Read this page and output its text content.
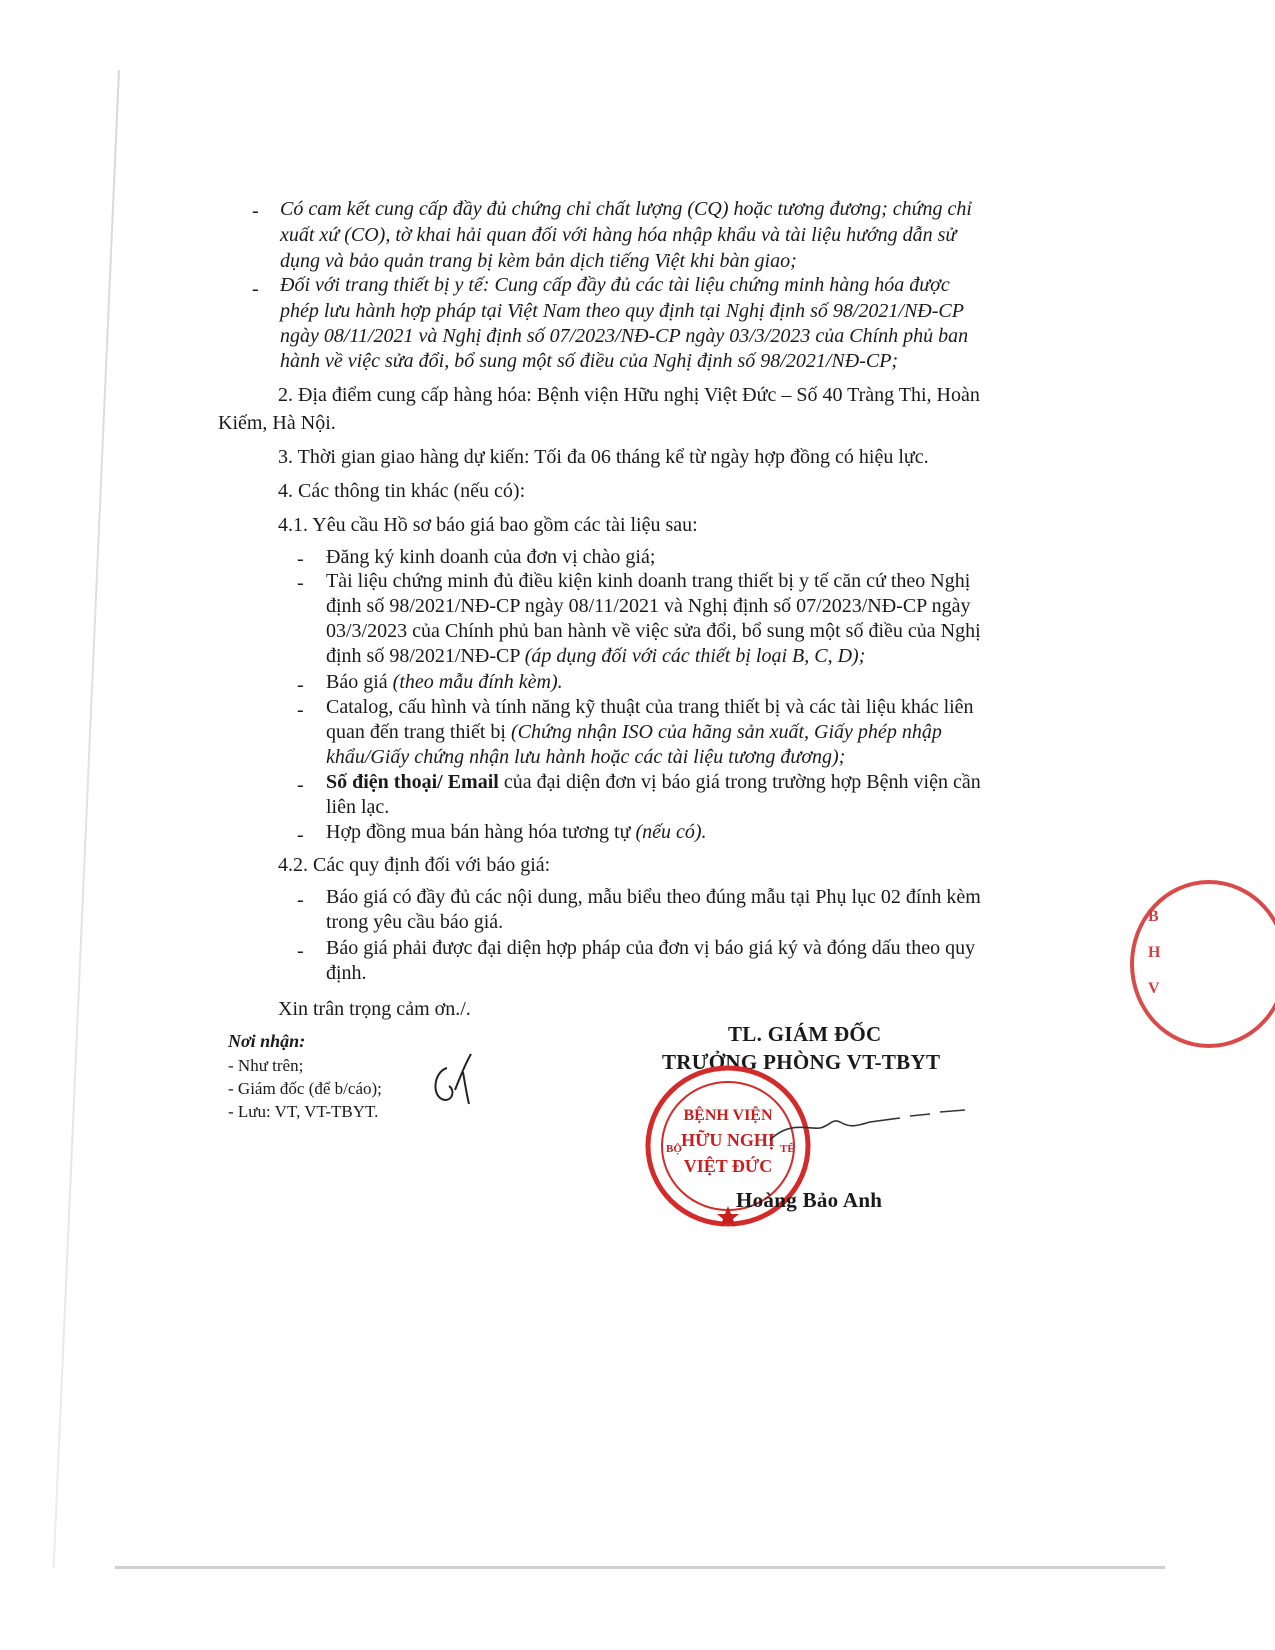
- Có cam kết cung cấp đầy đủ chứng chỉ chất lượng (CQ) hoặc tương đương; chứng chỉ
xuất xứ (CO), tờ khai hải quan đối với hàng hóa nhập khẩu và tài liệu hướng dẫn sử
dụng và bảo quản trang bị kèm bản dịch tiếng Việt khi bàn giao;
- Đối với trang thiết bị y tế: Cung cấp đầy đủ các tài liệu chứng minh hàng hóa được
phép lưu hành hợp pháp tại Việt Nam theo quy định tại Nghị định số 98/2021/NĐ-CP
ngày 08/11/2021 và Nghị định số 07/2023/NĐ-CP ngày 03/3/2023 của Chính phủ ban
hành về việc sửa đổi, bổ sung một số điều của Nghị định số 98/2021/NĐ-CP;
2. Địa điểm cung cấp hàng hóa: Bệnh viện Hữu nghị Việt Đức – Số 40 Tràng Thi, Hoàn
Kiếm, Hà Nội.
3. Thời gian giao hàng dự kiến: Tối đa 06 tháng kể từ ngày hợp đồng có hiệu lực.
4. Các thông tin khác (nếu có):
4.1. Yêu cầu Hồ sơ báo giá bao gồm các tài liệu sau:
- Đăng ký kinh doanh của đơn vị chào giá;
- Tài liệu chứng minh đủ điều kiện kinh doanh trang thiết bị y tế căn cứ theo Nghị
định số 98/2021/NĐ-CP ngày 08/11/2021 và Nghị định số 07/2023/NĐ-CP ngày
03/3/2023 của Chính phủ ban hành về việc sửa đổi, bổ sung một số điều của Nghị
định số 98/2021/NĐ-CP (áp dụng đối với các thiết bị loại B, C, D);
- Báo giá (theo mẫu đính kèm).
- Catalog, cấu hình và tính năng kỹ thuật của trang thiết bị và các tài liệu khác liên
quan đến trang thiết bị (Chứng nhận ISO của hãng sản xuất, Giấy phép nhập
khẩu/Giấy chứng nhận lưu hành hoặc các tài liệu tương đương);
- Số điện thoại/ Email của đại diện đơn vị báo giá trong trường hợp Bệnh viện cần
liên lạc.
- Hợp đồng mua bán hàng hóa tương tự (nếu có).
4.2. Các quy định đối với báo giá:
- Báo giá có đầy đủ các nội dung, mẫu biểu theo đúng mẫu tại Phụ lục 02 đính kèm
trong yêu cầu báo giá.
- Báo giá phải được đại diện hợp pháp của đơn vị báo giá ký và đóng dấu theo quy
định.
Xin trân trọng cảm ơn./.
Nơi nhận:
- Như trên;
- Giám đốc (để b/cáo);
- Lưu: VT, VT-TBYT.
TL. GIÁM ĐỐC
TRƯỞNG PHÒNG VT-TBYT
BỆNH VIỆN
HỮU NGHỊ
VIỆT ĐỨC
BỘ	TẾ
Hoàng Bảo Anh
B
H
V
